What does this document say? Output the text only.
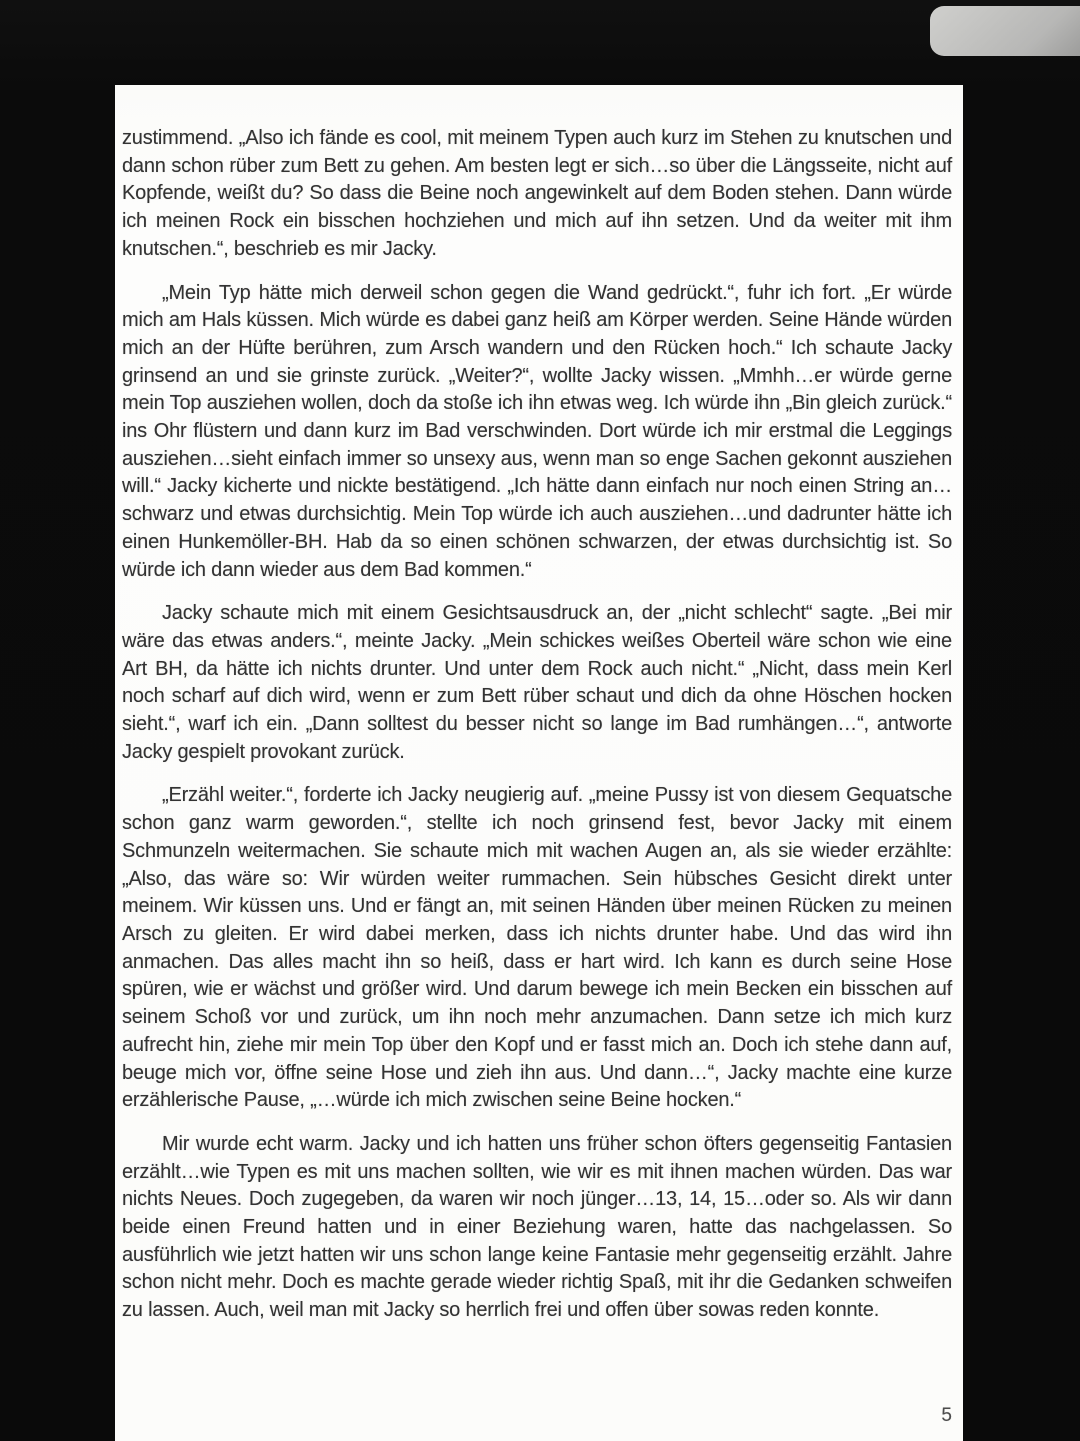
zustimmend. „Also ich fände es cool, mit meinem Typen auch kurz im Stehen zu knutschen und dann schon rüber zum Bett zu gehen. Am besten legt er sich…so über die Längsseite, nicht auf Kopfende, weißt du? So dass die Beine noch angewinkelt auf dem Boden stehen. Dann würde ich meinen Rock ein bisschen hochziehen und mich auf ihn setzen. Und da weiter mit ihm knutschen.“, beschrieb es mir Jacky.

„Mein Typ hätte mich derweil schon gegen die Wand gedrückt.“, fuhr ich fort. „Er würde mich am Hals küssen. Mich würde es dabei ganz heiß am Körper werden. Seine Hände würden mich an der Hüfte berühren, zum Arsch wandern und den Rücken hoch.“ Ich schaute Jacky grinsend an und sie grinste zurück. „Weiter?“, wollte Jacky wissen. „Mmhh…er würde gerne mein Top ausziehen wollen, doch da stoße ich ihn etwas weg. Ich würde ihn „Bin gleich zurück.“ ins Ohr flüstern und dann kurz im Bad verschwinden. Dort würde ich mir erstmal die Leggings ausziehen…sieht einfach immer so unsexy aus, wenn man so enge Sachen gekonnt ausziehen will.“ Jacky kicherte und nickte bestätigend. „Ich hätte dann einfach nur noch einen String an…schwarz und etwas durchsichtig. Mein Top würde ich auch ausziehen…und dadrunter hätte ich einen Hunkemöller-BH. Hab da so einen schönen schwarzen, der etwas durchsichtig ist. So würde ich dann wieder aus dem Bad kommen.“

Jacky schaute mich mit einem Gesichtsausdruck an, der „nicht schlecht“ sagte. „Bei mir wäre das etwas anders.“, meinte Jacky. „Mein schickes weißes Oberteil wäre schon wie eine Art BH, da hätte ich nichts drunter. Und unter dem Rock auch nicht.“ „Nicht, dass mein Kerl noch scharf auf dich wird, wenn er zum Bett rüber schaut und dich da ohne Höschen hocken sieht.“, warf ich ein. „Dann solltest du besser nicht so lange im Bad rumhängen…“, antworte Jacky gespielt provokant zurück.

„Erzähl weiter.“, forderte ich Jacky neugierig auf. „meine Pussy ist von diesem Gequatsche schon ganz warm geworden.“, stellte ich noch grinsend fest, bevor Jacky mit einem Schmunzeln weitermachen. Sie schaute mich mit wachen Augen an, als sie wieder erzählte: „Also, das wäre so: Wir würden weiter rummachen. Sein hübsches Gesicht direkt unter meinem. Wir küssen uns. Und er fängt an, mit seinen Händen über meinen Rücken zu meinen Arsch zu gleiten. Er wird dabei merken, dass ich nichts drunter habe. Und das wird ihn anmachen. Das alles macht ihn so heiß, dass er hart wird. Ich kann es durch seine Hose spüren, wie er wächst und größer wird. Und darum bewege ich mein Becken ein bisschen auf seinem Schoß vor und zurück, um ihn noch mehr anzumachen. Dann setze ich mich kurz aufrecht hin, ziehe mir mein Top über den Kopf und er fasst mich an. Doch ich stehe dann auf, beuge mich vor, öffne seine Hose und zieh ihn aus. Und dann…“, Jacky machte eine kurze erzählerische Pause, „…würde ich mich zwischen seine Beine hocken.“

Mir wurde echt warm. Jacky und ich hatten uns früher schon öfters gegenseitig Fantasien erzählt…wie Typen es mit uns machen sollten, wie wir es mit ihnen machen würden. Das war nichts Neues. Doch zugegeben, da waren wir noch jünger…13, 14, 15…oder so. Als wir dann beide einen Freund hatten und in einer Beziehung waren, hatte das nachgelassen. So ausführlich wie jetzt hatten wir uns schon lange keine Fantasie mehr gegenseitig erzählt. Jahre schon nicht mehr. Doch es machte gerade wieder richtig Spaß, mit ihr die Gedanken schweifen zu lassen. Auch, weil man mit Jacky so herrlich frei und offen über sowas reden konnte.

5
